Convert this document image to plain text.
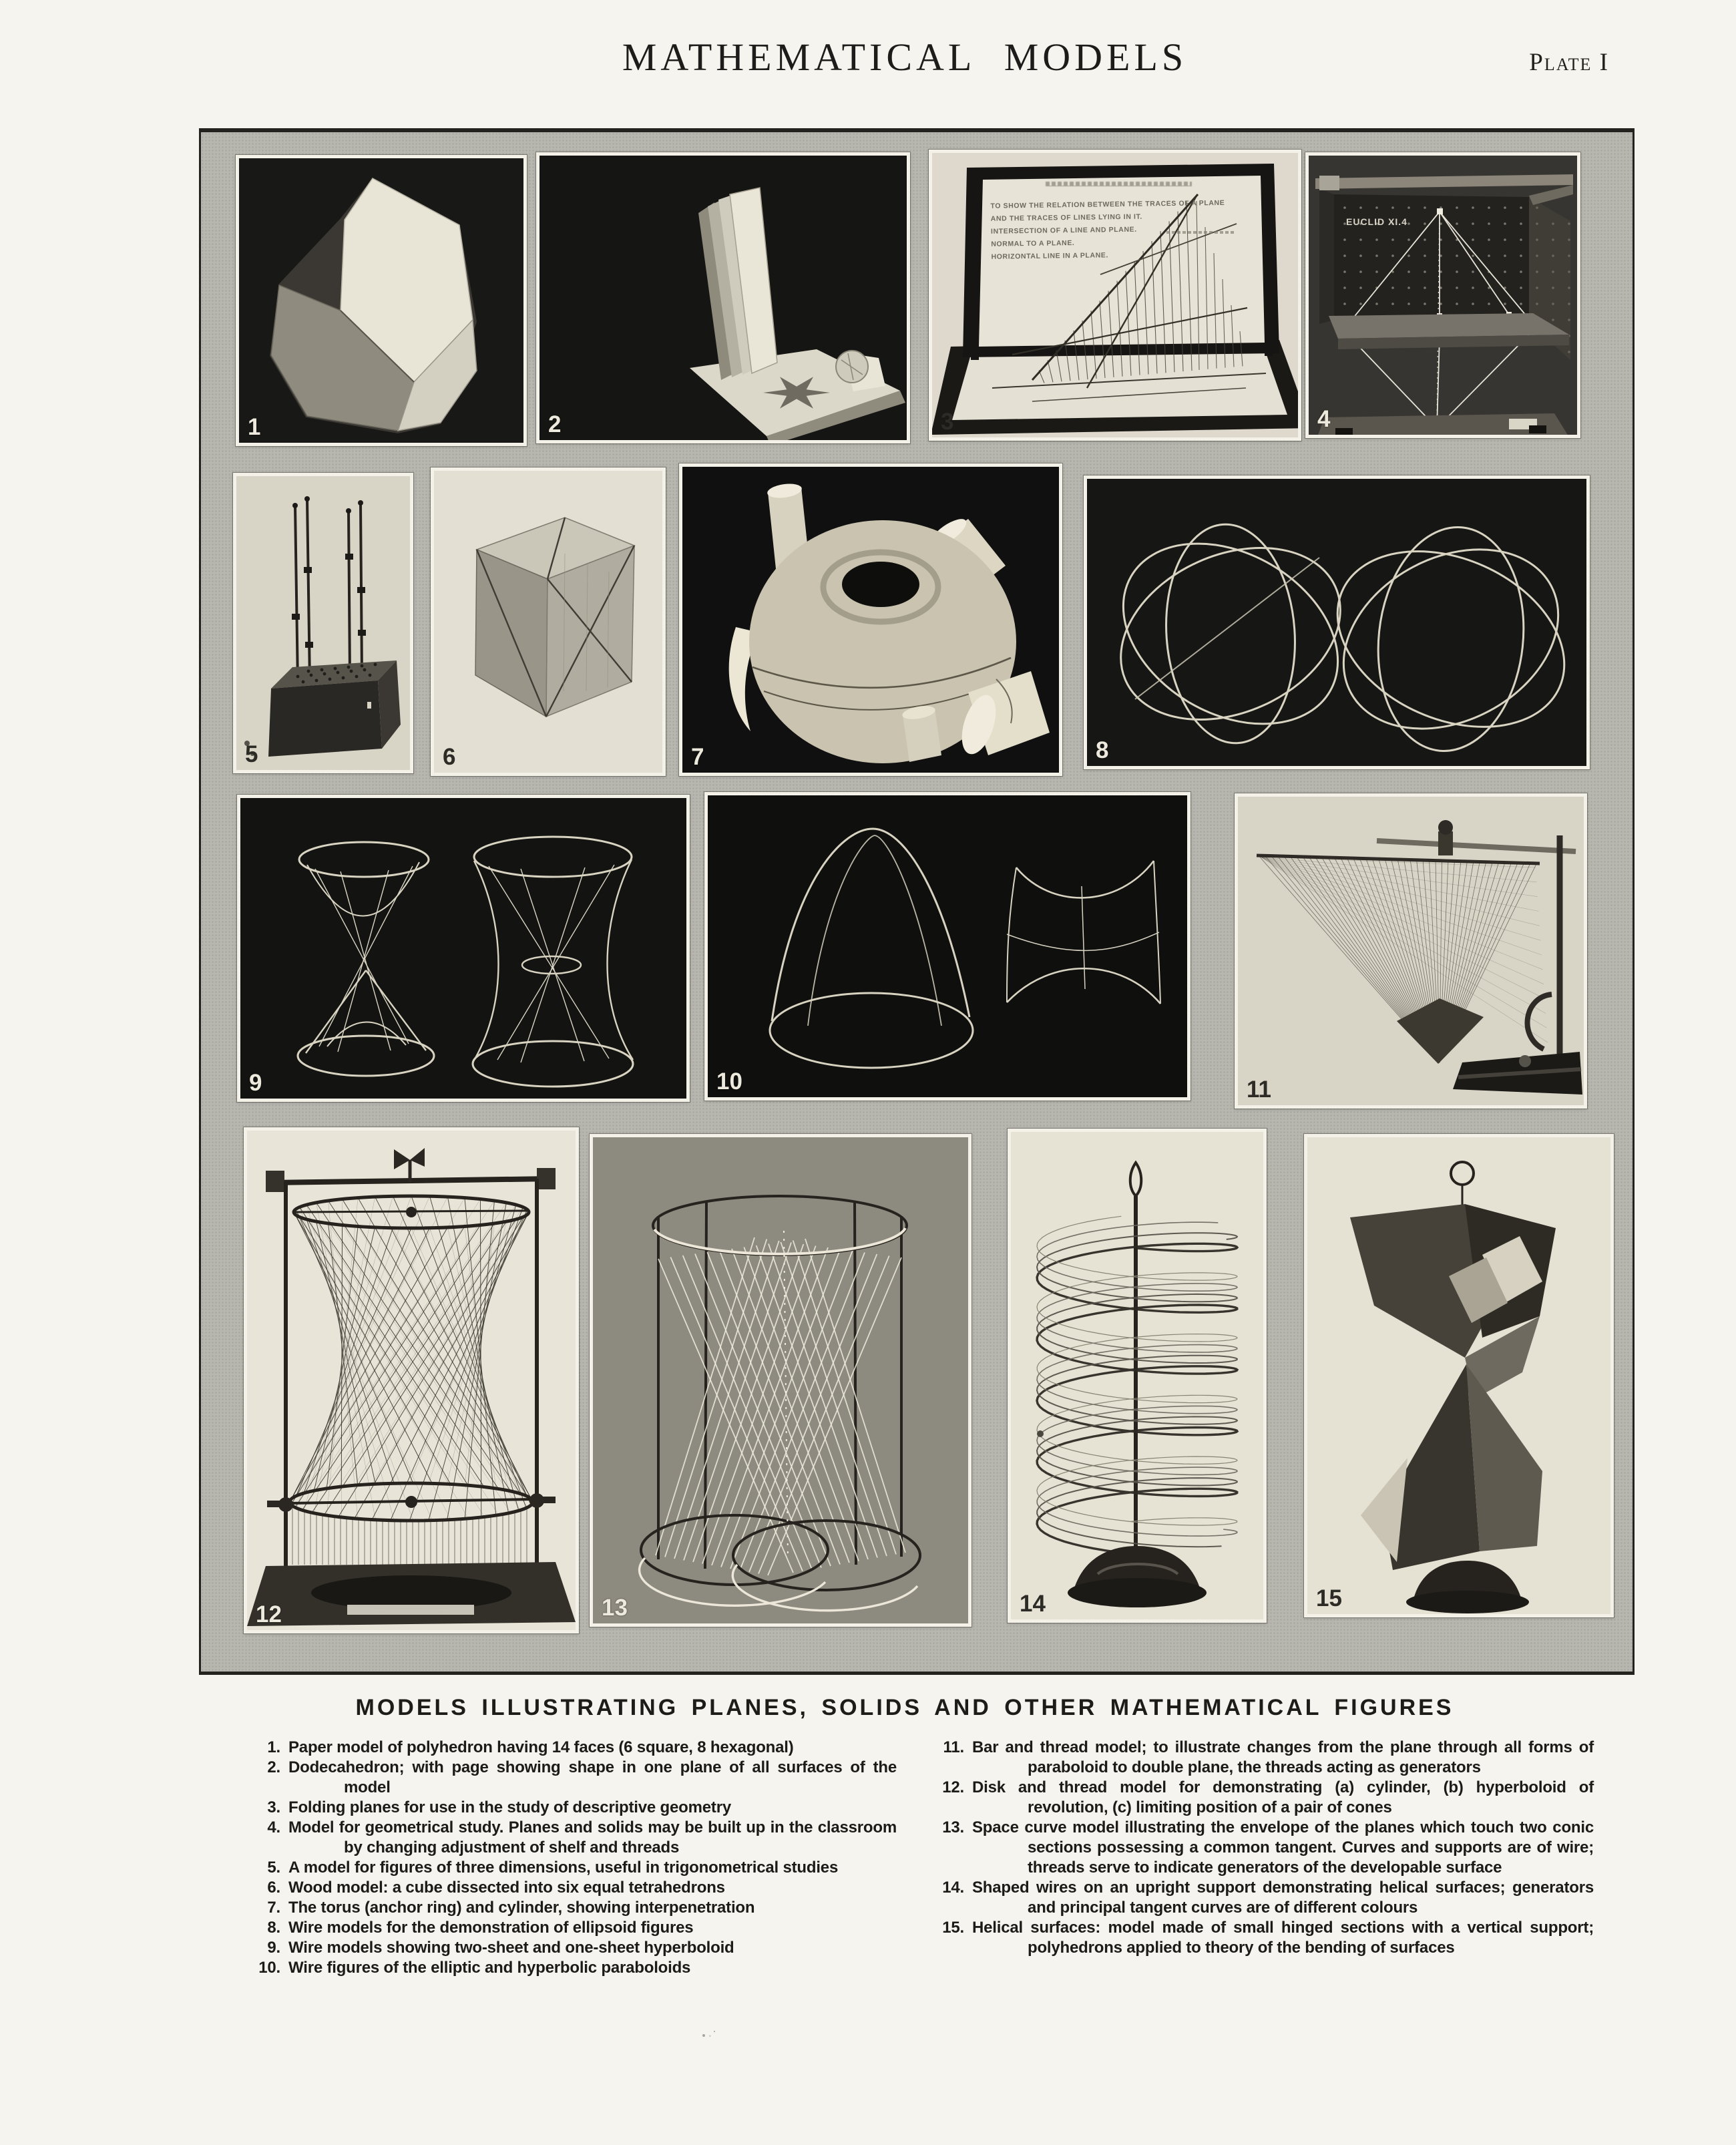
MATHEMATICAL MODELS	Plate I
1	2
TO SHOW THE RELATION BETWEEN THE TRACES OF A PLANE
AND THE TRACES OF LINES LYING IN IT.
INTERSECTION OF A LINE AND PLANE.
NORMAL TO A PLANE.
HORIZONTAL LINE IN A PLANE.
3
EUCLID XI.4
4
5	6	7	8
9	10	11
12	13	14	15
MODELS ILLUSTRATING PLANES, SOLIDS AND OTHER MATHEMATICAL FIGURES
1. Paper model of polyhedron having 14 faces (6 square, 8 hexagonal)
2. Dodecahedron; with page showing shape in one plane of all surfaces of the model
3. Folding planes for use in the study of descriptive geometry
4. Model for geometrical study. Planes and solids may be built up in the classroom by changing adjustment of shelf and threads
5. A model for figures of three dimensions, useful in trigonometrical studies
6. Wood model: a cube dissected into six equal tetrahedrons
7. The torus (anchor ring) and cylinder, showing interpenetration
8. Wire models for the demonstration of ellipsoid figures
9. Wire models showing two-sheet and one-sheet hyperboloid
10. Wire figures of the elliptic and hyperbolic paraboloids
11. Bar and thread model; to illustrate changes from the plane through all forms of paraboloid to double plane, the threads acting as generators
12. Disk and thread model for demonstrating (a) cylinder, (b) hyperboloid of revolution, (c) limiting position of a pair of cones
13. Space curve model illustrating the envelope of the planes which touch two conic sections possessing a common tangent. Curves and supports are of wire; threads serve to indicate generators of the developable surface
14. Shaped wires on an upright support demonstrating helical surfaces; generators and principal tangent curves are of different colours
15. Helical surfaces: model made of small hinged sections with a vertical support; polyhedrons applied to theory of the bending of surfaces
